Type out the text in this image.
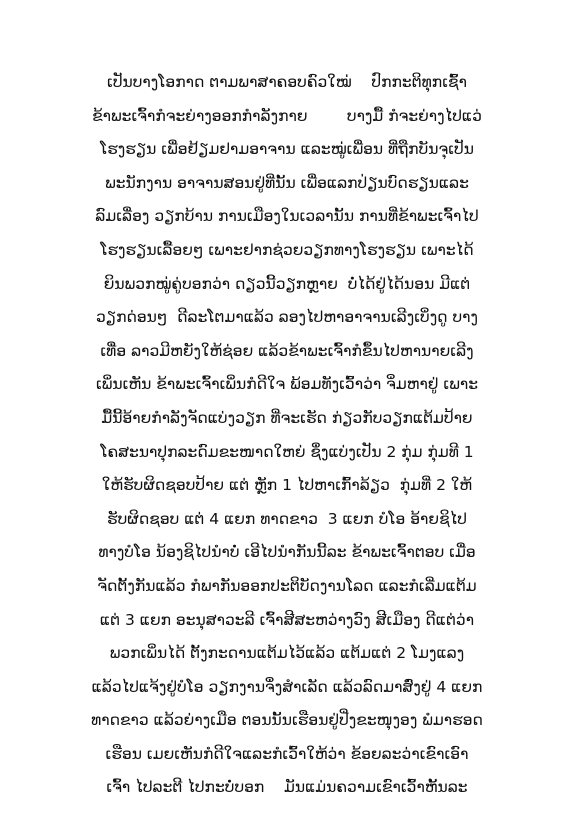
ເປັນບາງໂອກາດ ຕາມພາສາຄອບຄົວໃໝ່    ປົກກະຕິທຸກເຊົ້າ
ຂ້າພະເຈົ້າກໍຈະຍ່າງອອກກຳລັງກາຍ        ບາງມື້ ກໍຈະຍ່າງໄປແວ່
ໂຮງຮຽນ ເພື່ອຢ້ຽມຢາມອາຈານ ແລະໝູ່ເພື່ອນ ທີ່ຖືກບັນຈຸເປັນ
ພະນັກງານ ອາຈານສອນຢູ່ທີ່ນັ້ນ ເພື່ອແລກປ່ຽນບົດຮຽນແລະ
ລົມເລື່ອງ ວຽກບ້ານ ການເມືອງໃນເວລານັ້ນ ການທີ່ຂ້າພະເຈົ້າໄປ
ໂຮງຮຽນເລື້ອຍໆ ເພາະຢາກຊ່ວຍວຽກທາງໂຮງຮຽນ ເພາະໄດ້
ຍິນພວກໝູ່ຄູ່ບອກວ່າ ດຽວນີ້ວຽກຫຼາຍ  ບໍ່ໄດ້ຢູ່ໄດ້ນອນ ມີແຕ່
ວຽກດ່ອນໆ  ດີລະໂຕມາແລ້ວ ລອງໄປຫາອາຈານເລີງເບິ່ງດູ ບາງ
ເທື່ອ ລາວມີຫຍັງໃຫ້ຊ່ອຍ ແລ້ວຂ້າພະເຈົ້າກໍຂຶ້ນໄປຫານາຍເລີງ
ເພິ່ນເຫັນ ຂ້າພະເຈົ້າເພິ່ນກໍດີໃຈ ພ້ອມທັງເວົ້າວ່າ ຈິ່ມຫາຢູ່ ເພາະ
ມື້ນີ້ອ້າຍກຳລັງຈັດແບ່ງວຽກ ທີ່ຈະເຮັດ ກ່ຽວກັບວຽກແຕ້ມປ້າຍ
ໂຄສະນາປຸກລະດົມຂະໜາດໃຫຍ່ ຊຶ່ງແບ່ງເປັນ 2 ກຸ່ມ ກຸ່ມທີ 1
ໃຫ້ຮັບຜິດຊອບປ້າຍ ແຕ່ ຫຼັກ 1 ໄປຫາເກົ້າລ້ຽວ  ກຸ່ມທີ່ 2 ໃຫ້
ຮັບຜິດຊອບ ແຕ່ 4 ແຍກ ທາດຂາວ  3 ແຍກ ບໍໂອ ອ້າຍຊິໄປ
ທາງບໍໂອ ນ້ອງຊິໄປນຳບໍ່ ເອີໄປນຳກັນນີ້ລະ ຂ້າພະເຈົ້າຕອບ ເມື່ອ
ຈັດຕັ້ງກັນແລ້ວ ກໍພາກັນອອກປະຕິບັດງານໂລດ ແລະກໍເລີ່ມແຕ້ມ
ແຕ່ 3 ແຍກ ອະນຸສາວະລີ ເຈົ້າສີສະຫວ່າງວົງ ສີເມືອງ ດີແຕ່ວ່າ
ພວກເພິ່ນໄດ້ ຕັ້ງກະດານແຕ້ມໄວ້ແລ້ວ ແຕ້ມແຕ່ 2 ໂມງແລງ
ແລ້ວໄປແຈ້ງຢູ່ບໍໂອ ວຽກງານຈຶ່ງສຳເລັດ ແລ້ວລົດມາສົ່ງຢູ່ 4 ແຍກ
ທາດຂາວ ແລ້ວຍ່າງເມືອ ຕອນນັ້ນເຮືອນຢູ່ປີ່ງຂະໜຸງອງ ພໍມາຮອດ
ເຮືອນ ເມຍເຫັນກໍດີໃຈແລະກໍເວົ້າໃຫ້ວ່າ ຂ້ອຍລະວ່າເຂົາເອົາ
ເຈົ້າ ໄປລະຕີ ໄປກະບໍ່ບອກ    ມັນແມ່ນຄວາມເຂົາເວົ້າຫັ້ນລະ
